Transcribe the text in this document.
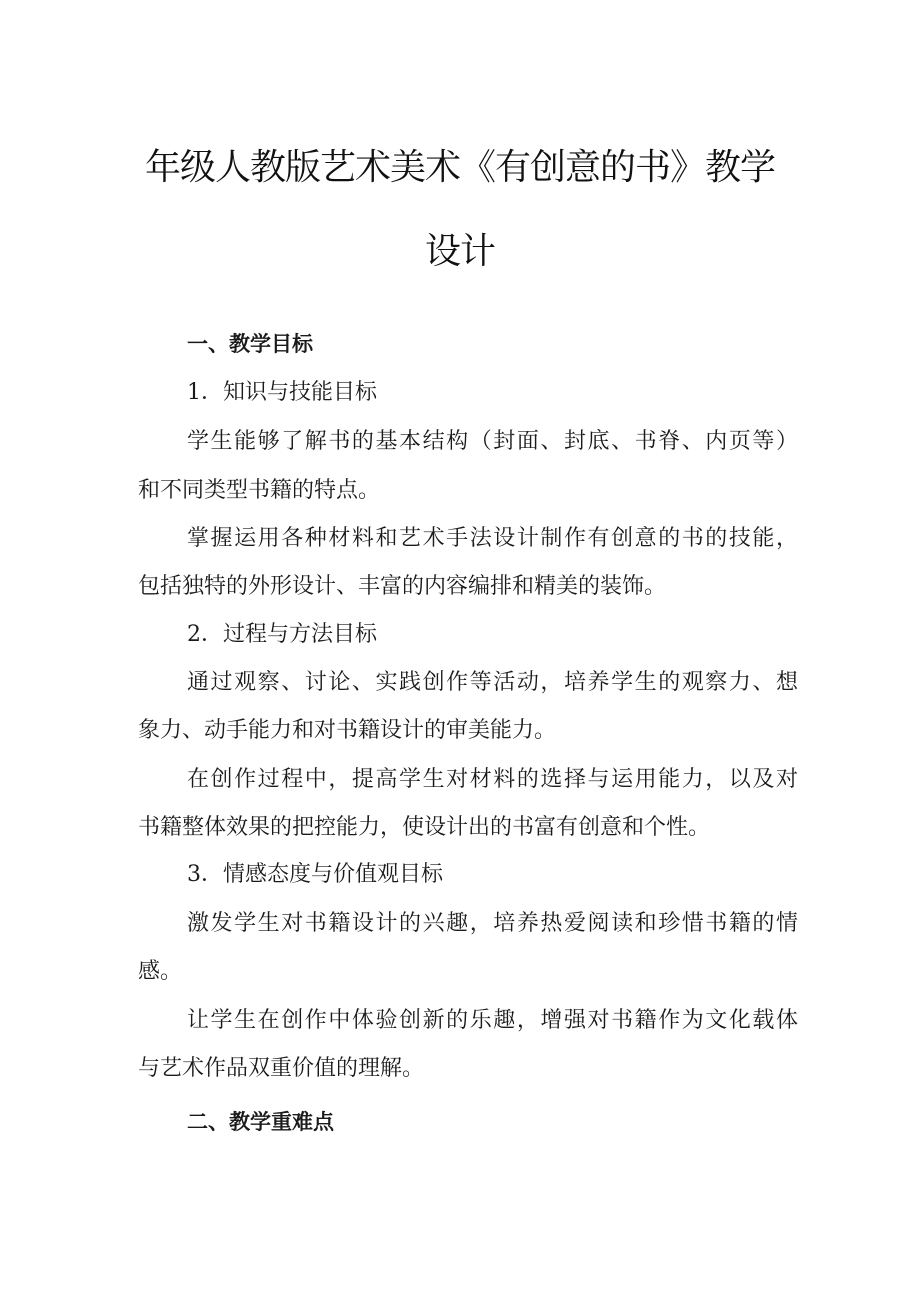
年级人教版艺术美术《有创意的书》教学
设计
一、教学目标
1．知识与技能目标
学生能够了解书的基本结构（封面、封底、书脊、内页等）
和不同类型书籍的特点。
掌握运用各种材料和艺术手法设计制作有创意的书的技能，
包括独特的外形设计、丰富的内容编排和精美的装饰。
2．过程与方法目标
通过观察、讨论、实践创作等活动，培养学生的观察力、想
象力、动手能力和对书籍设计的审美能力。
在创作过程中，提高学生对材料的选择与运用能力，以及对
书籍整体效果的把控能力，使设计出的书富有创意和个性。
3．情感态度与价值观目标
激发学生对书籍设计的兴趣，培养热爱阅读和珍惜书籍的情
感。
让学生在创作中体验创新的乐趣，增强对书籍作为文化载体
与艺术作品双重价值的理解。
二、教学重难点
